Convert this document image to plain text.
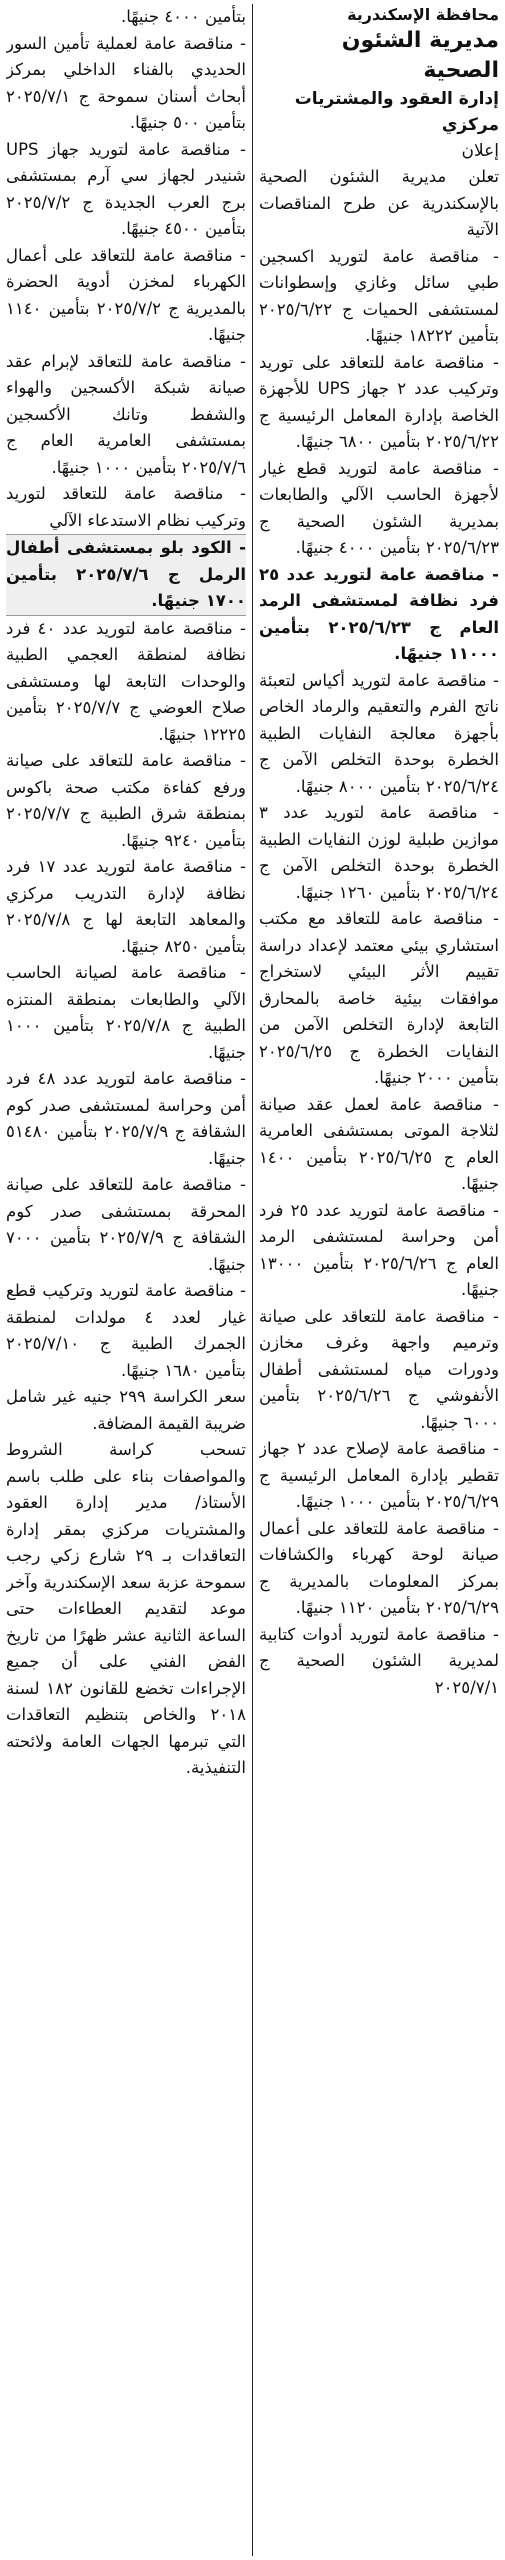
محافظة الإسكندرية
مديرية الشئون الصحية
إدارة العقود والمشتريات مركزي
إعلان

تعلن مديرية الشئون الصحية بالإسكندرية عن طرح المناقصات الآتية

- مناقصة عامة لتوريد اكسجين طبي سائل وغازي وإسطوانات لمستشفى الحميات ج ٢٠٢٥/٦/٢٢ بتأمين ١٨٢٢٢ جنيهًا.

- مناقصة عامة للتعاقد على توريد وتركيب عدد ٢ جهاز UPS للأجهزة الخاصة بإدارة المعامل الرئيسية ج ٢٠٢٥/٦/٢٢ بتأمين ٦٨٠٠ جنيهًا.

- مناقصة عامة لتوريد قطع غيار لأجهزة الحاسب الآلي والطابعات بمديرية الشئون الصحية ج ٢٠٢٥/٦/٢٣ بتأمين ٤٠٠٠ جنيهًا.

- مناقصة عامة لتوريد عدد ٢٥ فرد نظافة لمستشفى الرمد العام ج ٢٠٢٥/٦/٢٣ بتأمين ١١٠٠٠ جنيهًا.

- مناقصة عامة لتوريد أكياس لتعبئة ناتج الفرم والتعقيم والرماد الخاص بأجهزة معالجة النفايات الطبية الخطرة بوحدة التخلص الآمن ج ٢٠٢٥/٦/٢٤ بتأمين ٨٠٠٠ جنيهًا.

- مناقصة عامة لتوريد عدد ٣ موازين طبلية لوزن النفايات الطبية الخطرة بوحدة التخلص الآمن ج ٢٠٢٥/٦/٢٤ بتأمين ١٢٦٠ جنيهًا.

- مناقصة عامة للتعاقد مع مكتب استشاري بيئي معتمد لإعداد دراسة تقييم الأثر البيئي لاستخراج موافقات بيئية خاصة بالمحارق التابعة لإدارة التخلص الآمن من النفايات الخطرة ج ٢٠٢٥/٦/٢٥ بتأمين ٢٠٠٠ جنيهًا.

- مناقصة عامة لعمل عقد صيانة لثلاجة الموتى بمستشفى العامرية العام ج ٢٠٢٥/٦/٢٥ بتأمين ١٤٠٠ جنيهًا.

- مناقصة عامة لتوريد عدد ٢٥ فرد أمن وحراسة لمستشفى الرمد العام ج ٢٠٢٥/٦/٢٦ بتأمين ١٣٠٠٠ جنيهًا.

- مناقصة عامة للتعاقد على صيانة وترميم واجهة وغرف مخازن ودورات مياه لمستشفى أطفال الأنفوشي ج ٢٠٢٥/٦/٢٦ بتأمين ٦٠٠٠ جنيهًا.

- مناقصة عامة لإصلاح عدد ٢ جهاز تقطير بإدارة المعامل الرئيسية ج ٢٠٢٥/٦/٢٩ بتأمين ١٠٠٠ جنيهًا.

- مناقصة عامة للتعاقد على أعمال صيانة لوحة كهرباء والكشافات بمركز المعلومات بالمديرية ج ٢٠٢٥/٦/٢٩ بتأمين ١١٢٠ جنيهًا.

- مناقصة عامة لتوريد أدوات كتابية لمديرية الشئون الصحية ج ٢٠٢٥/٧/١

بتأمين ٤٠٠٠ جنيهًا.

- مناقصة عامة لعملية تأمين السور الحديدي بالفناء الداخلي بمركز أبحاث أسنان سموحة ج ٢٠٢٥/٧/١ بتأمين ٥٠٠ جنيهًا.

- مناقصة عامة لتوريد جهاز UPS شنيدر لجهاز سي آرم بمستشفى برج العرب الجديدة ج ٢٠٢٥/٧/٢ بتأمين ٤٥٠٠ جنيهًا.

- مناقصة عامة للتعاقد على أعمال الكهرباء لمخزن أدوية الحضرة بالمديرية ج ٢٠٢٥/٧/٢ بتأمين ١١٤٠ جنيهًا.

- مناقصة عامة للتعاقد لإبرام عقد صيانة شبكة الأكسجين والهواء والشفط وتانك الأكسجين بمستشفى العامرية العام ج ٢٠٢٥/٧/٦ بتأمين ١٠٠٠ جنيهًا.

- مناقصة عامة للتعاقد لتوريد وتركيب نظام الاستدعاء الآلي

- الكود بلو بمستشفى أطفال الرمل ج ٢٠٢٥/٧/٦ بتأمين ١٧٠٠ جنيهًا.

- مناقصة عامة لتوريد عدد ٤٠ فرد نظافة لمنطقة العجمي الطبية والوحدات التابعة لها ومستشفى صلاح العوضي ج ٢٠٢٥/٧/٧ بتأمين ١٢٢٢٥ جنيهًا.

- مناقصة عامة للتعاقد على صيانة ورفع كفاءة مكتب صحة باكوس بمنطقة شرق الطبية ج ٢٠٢٥/٧/٧ بتأمين ٩٢٤٠ جنيهًا.

- مناقصة عامة لتوريد عدد ١٧ فرد نظافة لإدارة التدريب مركزي والمعاهد التابعة لها ج ٢٠٢٥/٧/٨ بتأمين ٨٢٥٠ جنيهًا.

- مناقصة عامة لصيانة الحاسب الآلي والطابعات بمنطقة المنتزه الطبية ج ٢٠٢٥/٧/٨ بتأمين ١٠٠٠ جنيهًا.

- مناقصة عامة لتوريد عدد ٤٨ فرد أمن وحراسة لمستشفى صدر كوم الشقافة ج ٢٠٢٥/٧/٩ بتأمين ٥١٤٨٠ جنيهًا.

- مناقصة عامة للتعاقد على صيانة المحرقة بمستشفى صدر كوم الشقافة ج ٢٠٢٥/٧/٩ بتأمين ٧٠٠٠ جنيهًا.

- مناقصة عامة لتوريد وتركيب قطع غيار لعدد ٤ مولدات لمنطقة الجمرك الطبية ج ٢٠٢٥/٧/١٠ بتأمين ١٦٨٠ جنيهًا.

سعر الكراسة ٢٩٩ جنيه غير شامل ضريبة القيمة المضافة.

تسحب كراسة الشروط والمواصفات بناء على طلب باسم الأستاذ/ مدير إدارة العقود والمشتريات مركزي بمقر إدارة التعاقدات بـ ٢٩ شارع زكي رجب سموحة عزبة سعد الإسكندرية وآخر موعد لتقديم العطاءات حتى الساعة الثانية عشر ظهرًا من تاريخ الفض الفني على أن جميع الإجراءات تخضع للقانون ١٨٢ لسنة ٢٠١٨ والخاص بتنظيم التعاقدات التي تبرمها الجهات العامة ولائحته التنفيذية.
